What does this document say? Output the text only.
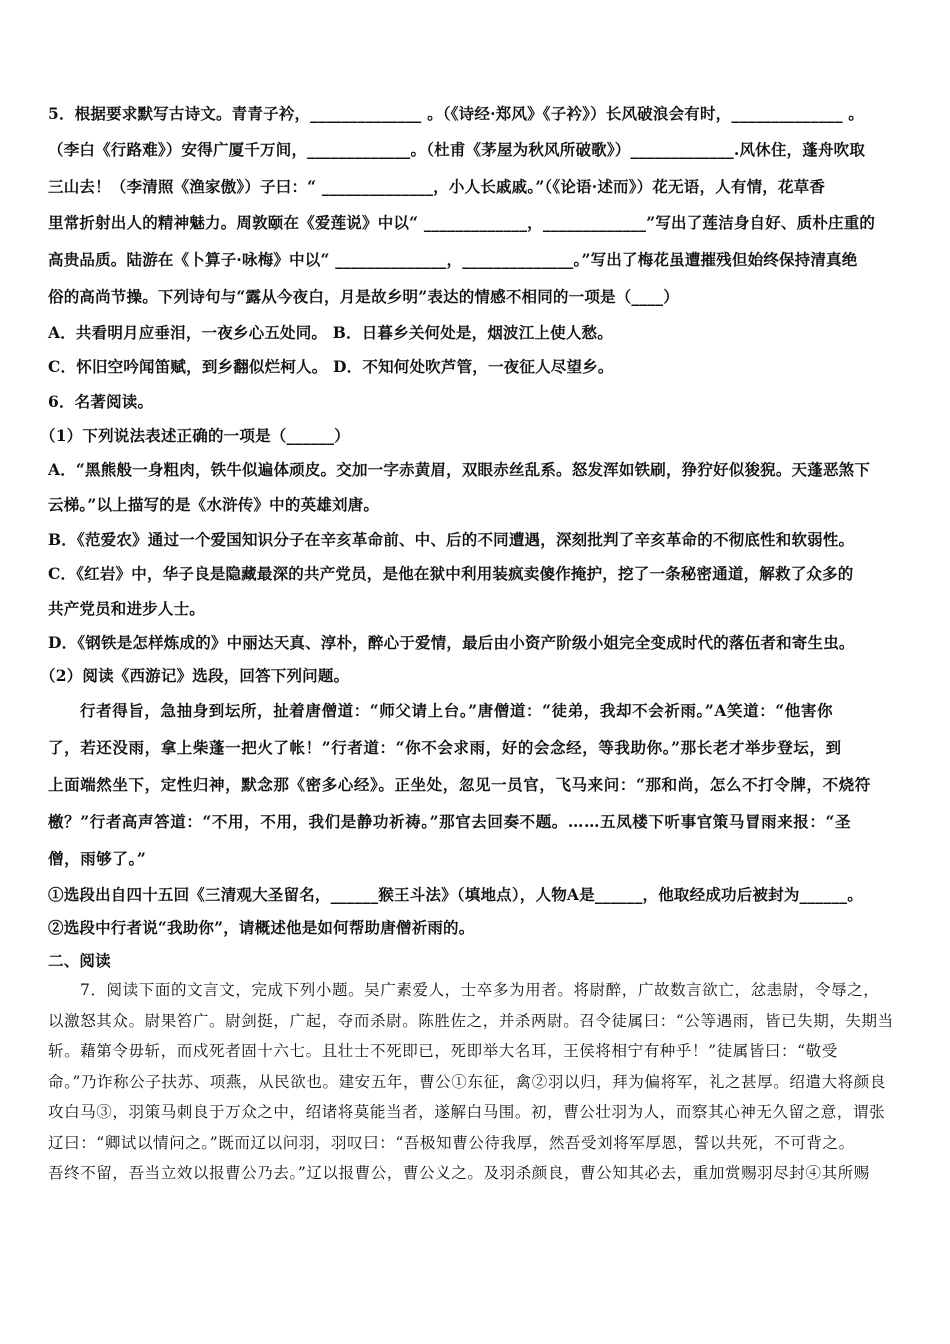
5．根据要求默写古诗文。青青子衿，______________ 。（《诗经·郑风》《子衿》）长风破浪会有时，______________ 。
（李白《行路难》）安得广厦千万间，_____________。（杜甫《茅屋为秋风所破歌》）_____________.风休住，蓬舟吹取
三山去！（李清照《渔家傲》）子曰：“ ______________，小人长戚戚。”（《论语·述而》）花无语，人有情，花草香
里常折射出人的精神魅力。周敦颐在《爱莲说》中以“ _____________，_____________”写出了莲洁身自好、质朴庄重的
高贵品质。陆游在《卜算子·咏梅》中以“ ______________，______________。”写出了梅花虽遭摧残但始终保持清真绝
俗的高尚节操。下列诗句与“露从今夜白，月是故乡明”表达的情感不相同的一项是（____）
A．共看明月应垂泪，一夜乡心五处同。 B．日暮乡关何处是，烟波江上使人愁。
C．怀旧空吟闻笛赋，到乡翻似烂柯人。 D．不知何处吹芦管，一夜征人尽望乡。
6．名著阅读。
（1）下列说法表述正确的一项是（______）
A．“黑熊般一身粗肉，铁牛似遍体顽皮。交加一字赤黄眉，双眼赤丝乱系。怒发浑如铁刷，狰狞好似狻猊。天蓬恶煞下
云梯。”以上描写的是《水浒传》中的英雄刘唐。
B．《范爱农》通过一个爱国知识分子在辛亥革命前、中、后的不同遭遇，深刻批判了辛亥革命的不彻底性和软弱性。
C．《红岩》中，华子良是隐藏最深的共产党员，是他在狱中利用装疯卖傻作掩护，挖了一条秘密通道，解救了众多的
共产党员和进步人士。
D．《钢铁是怎样炼成的》中丽达天真、淳朴，醉心于爱情，最后由小资产阶级小姐完全变成时代的落伍者和寄生虫。
（2）阅读《西游记》选段，回答下列问题。
行者得旨，急抽身到坛所，扯着唐僧道：“师父请上台。”唐僧道：“徒弟，我却不会祈雨。”A笑道：“他害你
了，若还没雨，拿上柴蓬一把火了帐！”行者道：“你不会求雨，好的会念经，等我助你。”那长老才举步登坛，到
上面端然坐下，定性归神，默念那《密多心经》。正坐处，忽见一员官，飞马来问：“那和尚，怎么不打令牌，不烧符
檄？”行者高声答道：“不用，不用，我们是静功祈祷。”那官去回奏不题。……五凤楼下听事官策马冒雨来报：“圣
僧，雨够了。”
①选段出自四十五回《三清观大圣留名，______猴王斗法》（填地点），人物A是______，他取经成功后被封为______。
②选段中行者说“我助你”，请概述他是如何帮助唐僧祈雨的。
二、阅读
7．阅读下面的文言文，完成下列小题。吴广素爱人，士卒多为用者。将尉醉，广故数言欲亡，忿恚尉，令辱之，
以激怒其众。尉果笞广。尉剑挺，广起，夺而杀尉。陈胜佐之，并杀两尉。召令徒属曰：“公等遇雨，皆已失期，失期当
斩。藉第令毋斩，而戍死者固十六七。且壮士不死即已，死即举大名耳，王侯将相宁有种乎！”徒属皆曰：“敬受
命。”乃诈称公子扶苏、项燕，从民欲也。建安五年，曹公①东征，禽②羽以归，拜为偏将军，礼之甚厚。绍遣大将颜良
攻白马③，羽策马刺良于万众之中，绍诸将莫能当者，遂解白马围。初，曹公壮羽为人，而察其心神无久留之意，谓张
辽曰：“卿试以情问之。”既而辽以问羽，羽叹曰：“吾极知曹公待我厚，然吾受刘将军厚恩，誓以共死，不可背之。
吾终不留，吾当立效以报曹公乃去。”辽以报曹公，曹公义之。及羽杀颜良，曹公知其必去，重加赏赐羽尽封④其所赐
